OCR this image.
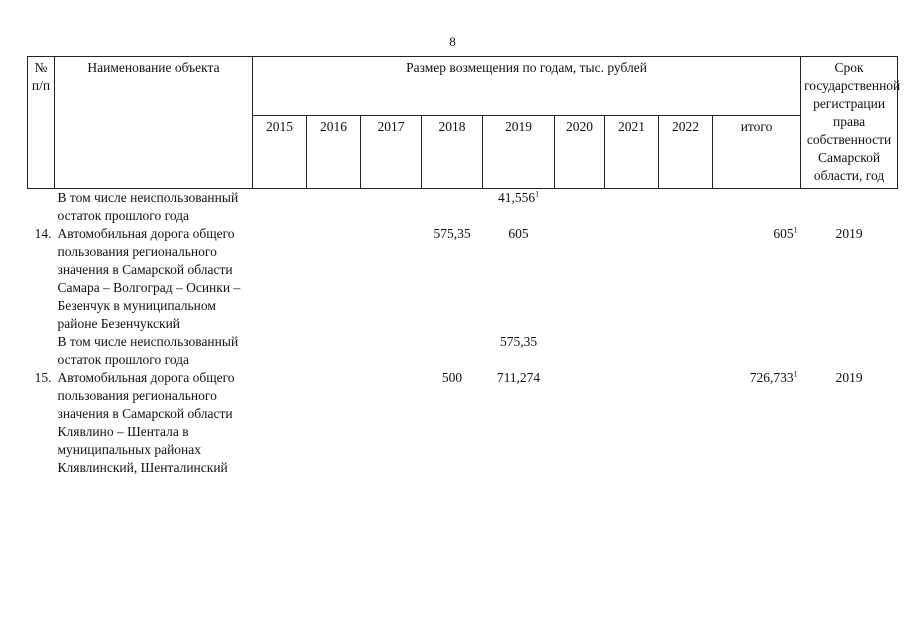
8
№ п/п	Наименование объекта	Размер возмещения по годам, тыс. рублей									Срок государственной регистрации права собственности Самарской области, год
		2015	2016	2017	2018	2019	2020	2021	2022	итого	
	В том числе неиспользованный остаток прошлого года					41,556$^1$					
14.	Автомобильная дорога общего пользования регионального значения в Самарской области Самара – Волгоград – Осинки – Безенчук в муниципальном районе Безенчукский				575,35	605				$605^1$	2019
	В том числе неиспользованный остаток прошлого года					575,35					
15.	Автомобильная дорога общего пользования регионального значения в Самарской области Клявлино – Шентала в муниципальных районах Клявлинский, Шенталинский				500	711,274				726,733$^1$	2019
